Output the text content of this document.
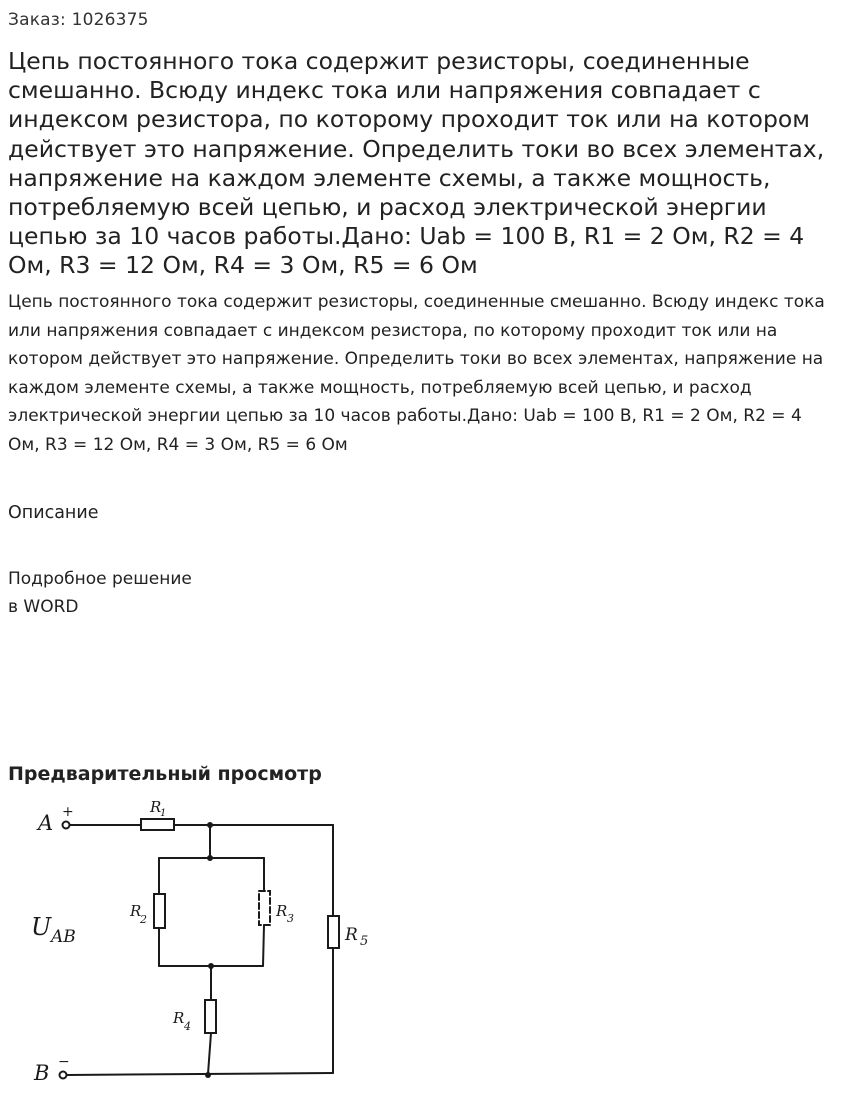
Заказ: 1026375
Цепь постоянного тока содержит резисторы, соединенные смешанно. Всюду индекс тока или напряжения совпадает с индексом резистора, по которому проходит ток или на котором действует это напряжение. Определить токи во всех элементах, напряжение на каждом элементе схемы, а также мощность, потребляемую всей цепью, и расход электрической энергии цепью за 10 часов работы.Дано: Uab = 100 В, R1 = 2 Ом, R2 = 4 Ом, R3 = 12 Ом, R4 = 3 Ом, R5 = 6 Ом

Цепь постоянного тока содержит резисторы, соединенные смешанно. Всюду индекс тока или напряжения совпадает с индексом резистора, по которому проходит ток или на котором действует это напряжение. Определить токи во всех элементах, напряжение на каждом элементе схемы, а также мощность, потребляемую всей цепью, и расход электрической энергии цепью за 10 часов работы.Дано: Uab = 100 В, R1 = 2 Ом, R2 = 4 Ом, R3 = 12 Ом, R4 = 3 Ом, R5 = 6 Ом

Описание
Подробное решение
в WORD
Предварительный просмотр
A +
B −
U AB
R
1
R
2	R 3
R 4
R 5
